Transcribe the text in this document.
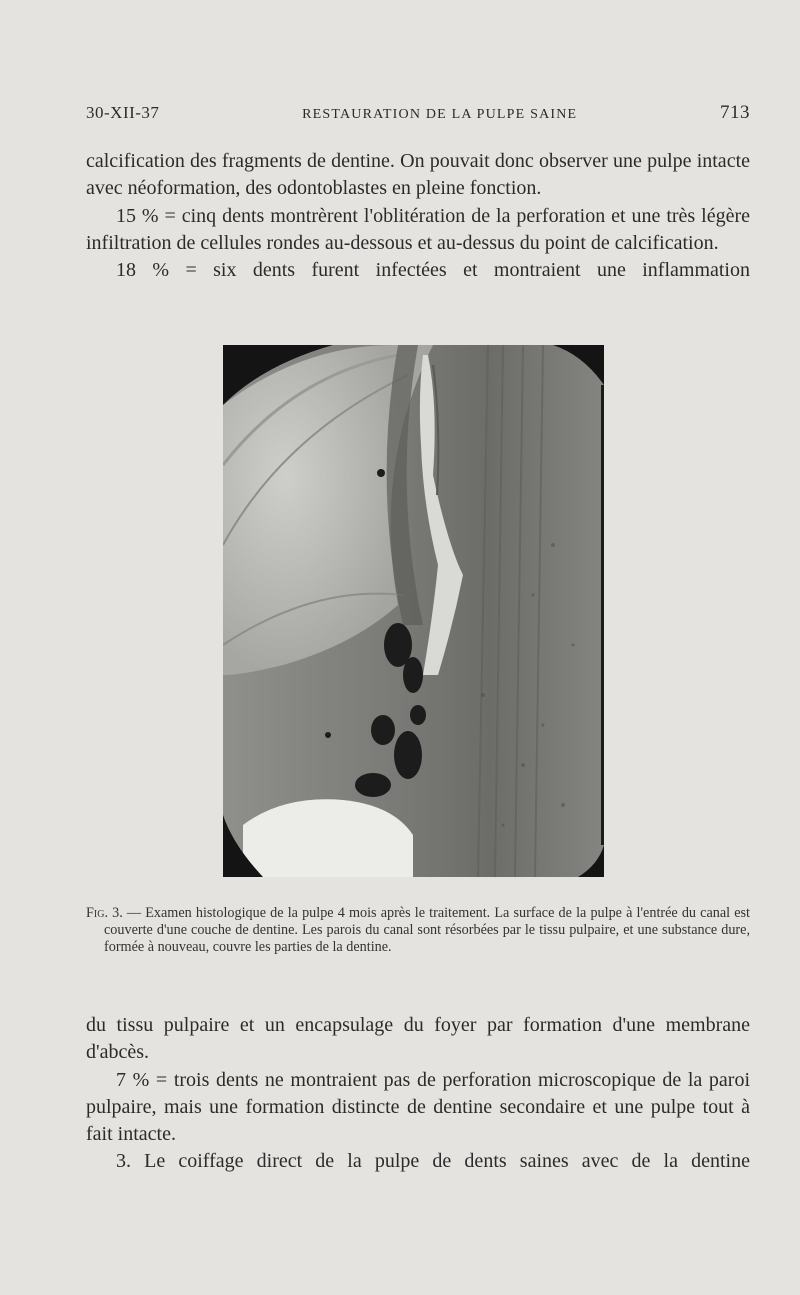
30-XII-37	RESTAURATION DE LA PULPE SAINE	713

calcification des fragments de dentine. On pouvait donc observer une pulpe intacte avec néoformation, des odontoblastes en pleine fonction.

15 % = cinq dents montrèrent l'oblitération de la perforation et une très légère infiltration de cellules rondes au-dessous et au-dessus du point de calcification.

18 % = six dents furent infectées et montraient une inflammation

Fig. 3. — Examen histologique de la pulpe 4 mois après le traitement. La surface de la pulpe à l'entrée du canal est couverte d'une couche de dentine. Les parois du canal sont résorbées par le tissu pulpaire, et une substance dure, formée à nouveau, couvre les parties de la dentine.

du tissu pulpaire et un encapsulage du foyer par formation d'une membrane d'abcès.

7 % = trois dents ne montraient pas de perforation microscopique de la paroi pulpaire, mais une formation distincte de dentine secondaire et une pulpe tout à fait intacte.

3. Le coiffage direct de la pulpe de dents saines avec de la dentine
